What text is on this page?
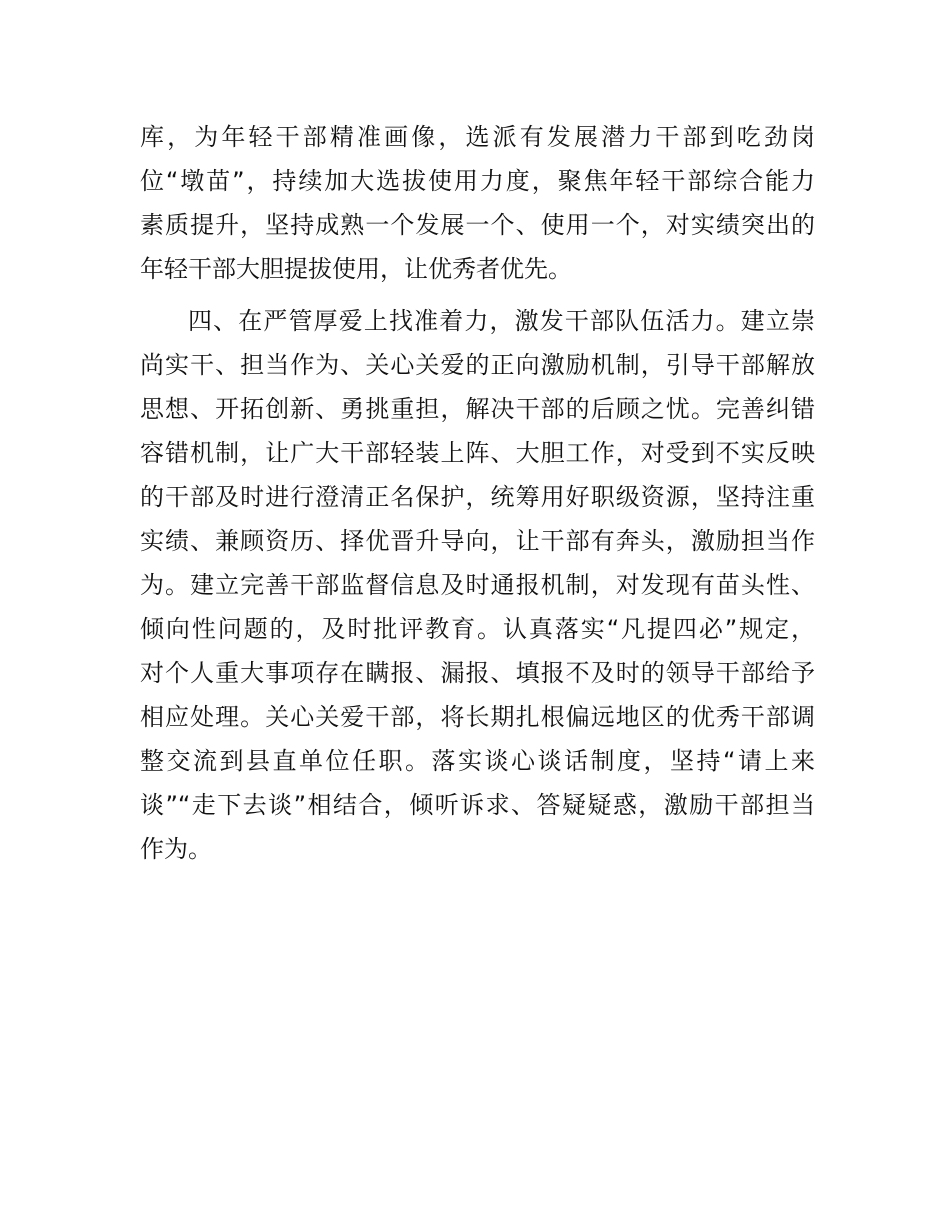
库，为年轻干部精准画像，选派有发展潜力干部到吃劲岗
位“墩苗”，持续加大选拔使用力度，聚焦年轻干部综合能力
素质提升，坚持成熟一个发展一个、使用一个，对实绩突出的
年轻干部大胆提拔使用，让优秀者优先。
四、在严管厚爱上找准着力，激发干部队伍活力。建立崇
尚实干、担当作为、关心关爱的正向激励机制，引导干部解放
思想、开拓创新、勇挑重担，解决干部的后顾之忧。完善纠错
容错机制，让广大干部轻装上阵、大胆工作，对受到不实反映
的干部及时进行澄清正名保护，统筹用好职级资源，坚持注重
实绩、兼顾资历、择优晋升导向，让干部有奔头，激励担当作
为。建立完善干部监督信息及时通报机制，对发现有苗头性、
倾向性问题的，及时批评教育。认真落实“凡提四必”规定，
对个人重大事项存在瞒报、漏报、填报不及时的领导干部给予
相应处理。关心关爱干部，将长期扎根偏远地区的优秀干部调
整交流到县直单位任职。落实谈心谈话制度，坚持“请上来
谈”“走下去谈”相结合，倾听诉求、答疑疑惑，激励干部担当
作为。
